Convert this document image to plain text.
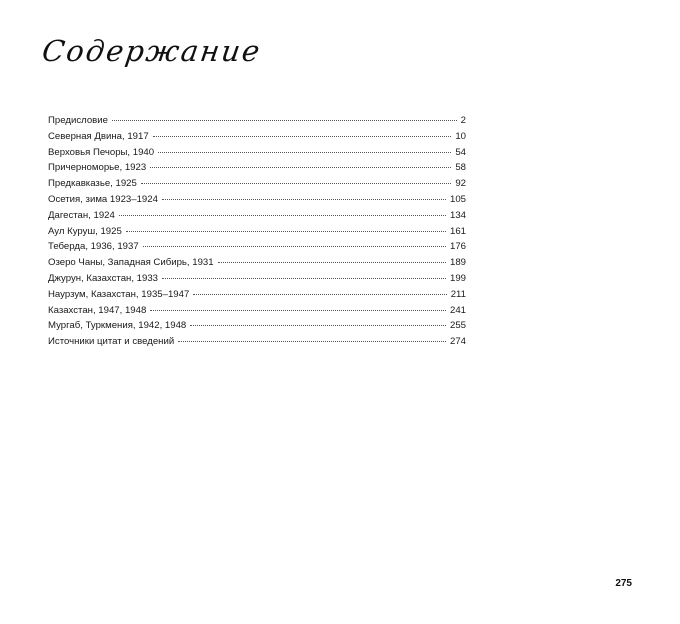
Содержание
Предисловие	2
Северная Двина, 1917	10
Верховья Печоры, 1940	54
Причерноморье, 1923	58
Предкавказье, 1925	92
Осетия, зима 1923–1924	105
Дагестан, 1924	134
Аул Куруш, 1925	161
Теберда, 1936, 1937	176
Озеро Чаны, Западная Сибирь, 1931	189
Джурун, Казахстан, 1933	199
Наурзум, Казахстан, 1935–1947	211
Казахстан, 1947, 1948	241
Мургаб, Туркмения, 1942, 1948	255
Источники цитат и сведений	274
275
